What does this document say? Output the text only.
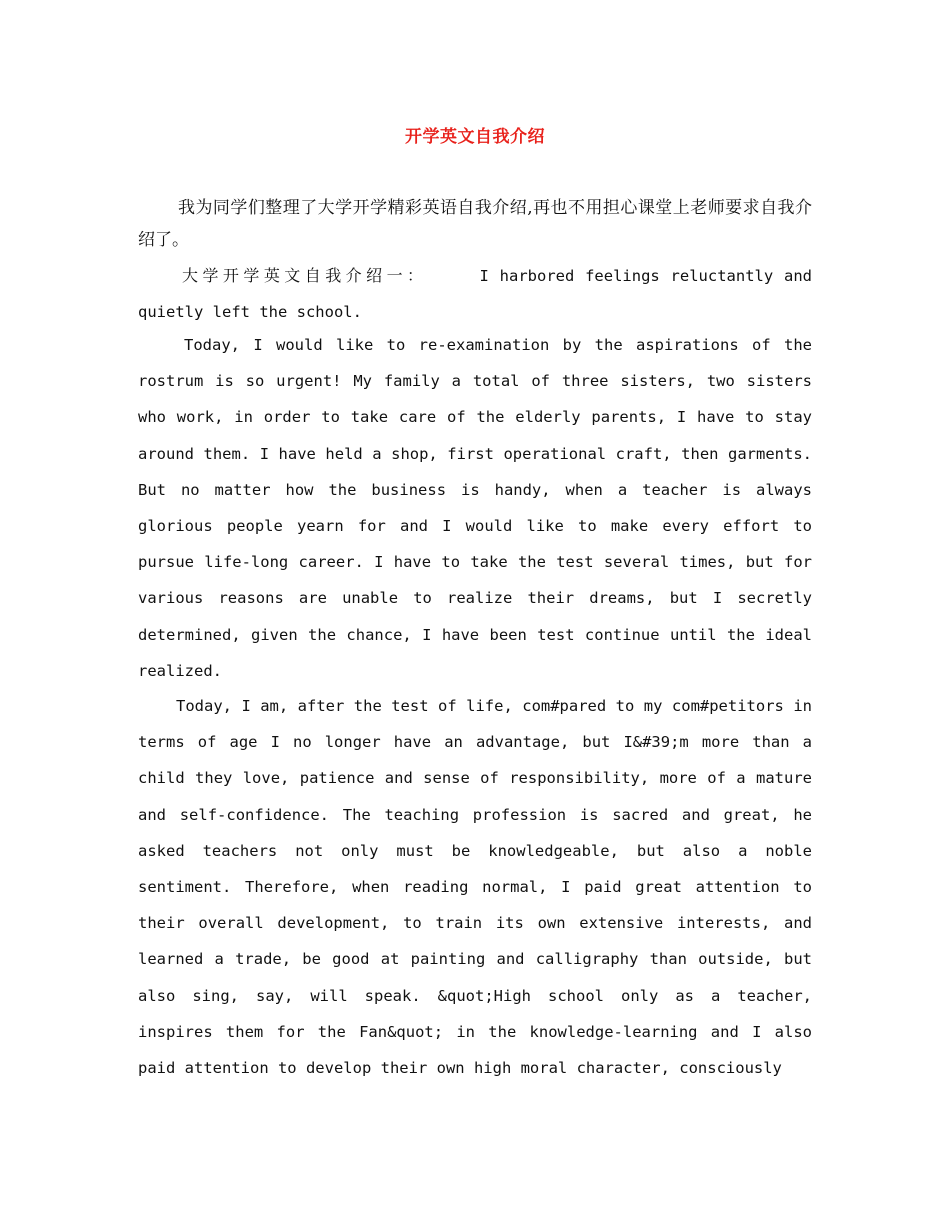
开学英文自我介绍
我为同学们整理了大学开学精彩英语自我介绍,再也不用担心课堂上老师要求自我介绍了。
大学开学英文自我介绍一：	I harbored feelings reluctantly and quietly left the school.
Today, I would like to re-examination by the aspirations of the rostrum is so urgent! My family a total of three sisters, two sisters who work, in order to take care of the elderly parents, I have to stay around them. I have held a shop, first operational craft, then garments. But no matter how the business is handy, when a teacher is always glorious people yearn for and I would like to make every effort to pursue life-long career. I have to take the test several times, but for various reasons are unable to realize their dreams, but I secretly determined, given the chance, I have been test continue until the ideal realized.
Today, I am, after the test of life, com#pared to my com#petitors in terms of age I no longer have an advantage, but I&#39;m more than a child they love, patience and sense of responsibility, more of a mature and self-confidence. The teaching profession is sacred and great, he asked teachers not only must be knowledgeable, but also a noble sentiment. Therefore, when reading normal, I paid great attention to their overall development, to train its own extensive interests, and learned a trade, be good at painting and calligraphy than outside, but also sing, say, will speak. &quot;High school only as a teacher, inspires them for the Fan&quot; in the knowledge-learning and I also paid attention to develop their own high moral character, consciously
